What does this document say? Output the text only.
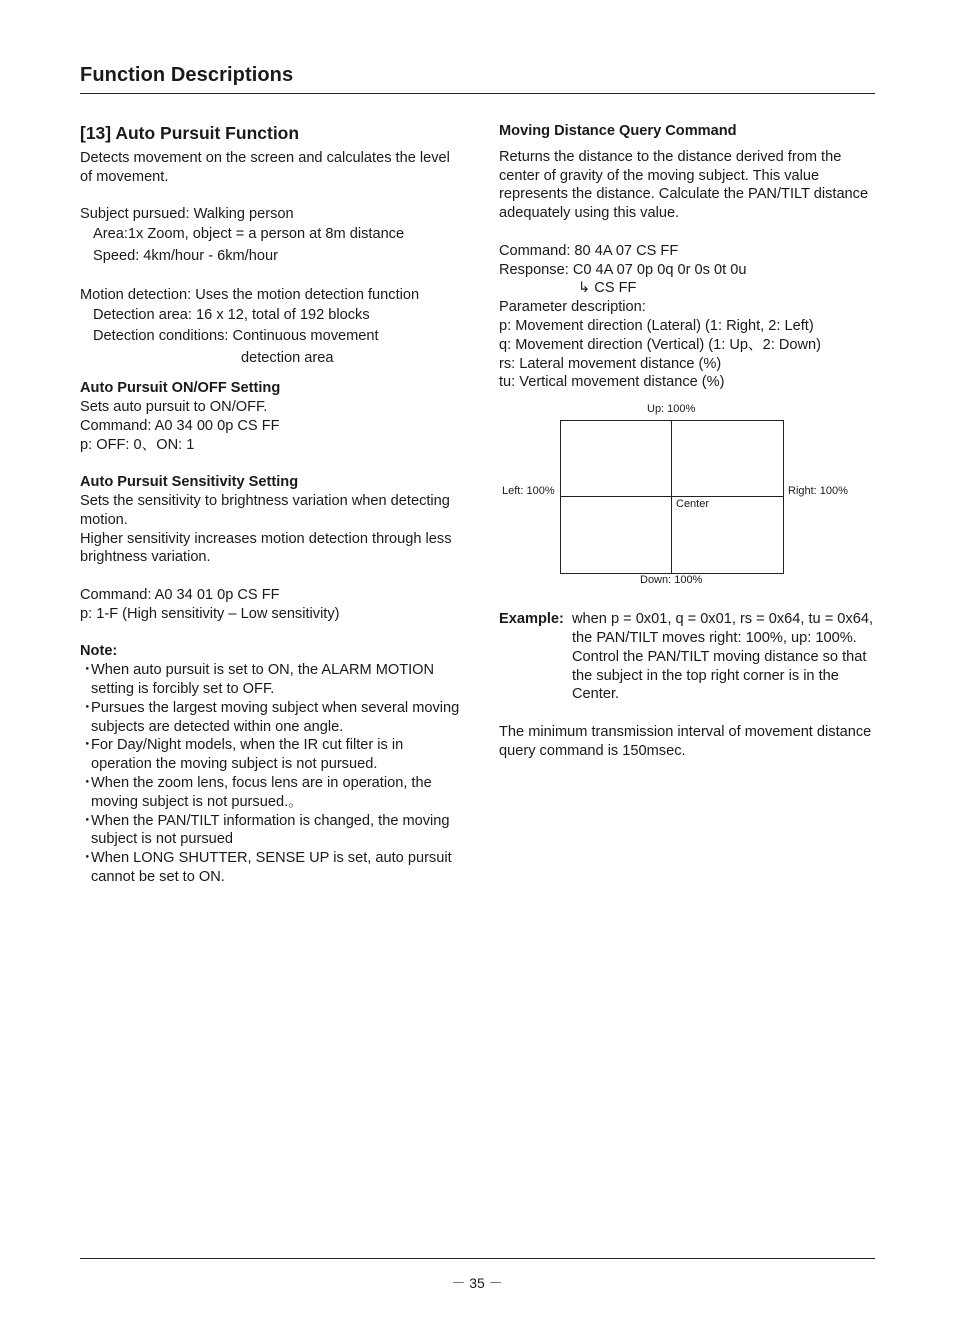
Function Descriptions
[13] Auto Pursuit Function

Detects movement on the screen and calculates the level of movement.

Subject pursued: Walking person

Area:1x Zoom, object = a person at 8m distance

Speed: 4km/hour - 6km/hour

Motion detection: Uses the motion detection function

Detection area: 16 x 12, total of 192 blocks

Detection conditions: Continuous movement

detection area

Auto Pursuit ON/OFF Setting

Sets auto pursuit to ON/OFF.

Command: A0 34 00 0p CS FF

p: OFF: 0、ON: 1

Auto Pursuit Sensitivity Setting

Sets the sensitivity to brightness variation when detecting motion.

Higher sensitivity increases motion detection through less brightness variation.

Command: A0 34 01 0p CS FF

p: 1-F (High sensitivity – Low sensitivity)

Note:

・
When auto pursuit is set to ON, the ALARM MOTION setting is forcibly set to OFF.
・
Pursues the largest moving subject when several moving subjects are detected within one angle.
・
For Day/Night models, when the IR cut filter is in operation the moving subject is not pursued.
・
When the zoom lens, focus lens are in operation, the moving subject is not pursued.。
・
When the PAN/TILT information is changed, the moving subject is not pursued
・
When LONG SHUTTER, SENSE UP is set, auto pursuit cannot be set to ON.

Moving Distance Query Command

Returns the distance to the distance derived from the center of gravity of the moving subject. This value represents the distance. Calculate the PAN/TILT distance adequately using this value.

Command: 80 4A 07 CS FF

Response: C0 4A 07 0p 0q 0r 0s 0t 0u

↳ CS FF

Parameter description:

p: Movement direction (Lateral) (1: Right, 2: Left)

q: Movement direction (Vertical) (1: Up、2: Down)

rs: Lateral movement distance (%)

tu: Vertical movement distance (%)

Up: 100%
Down: 100%
Left: 100%	Right: 100%
Center
Example: when p = 0x01, q = 0x01, rs = 0x64, tu = 0x64, the PAN/TILT moves right: 100%, up: 100%. Control the PAN/TILT moving distance so that the subject in the top right corner is in the Center.

The minimum transmission interval of movement distance query command is 150msec.

－ 35 －
